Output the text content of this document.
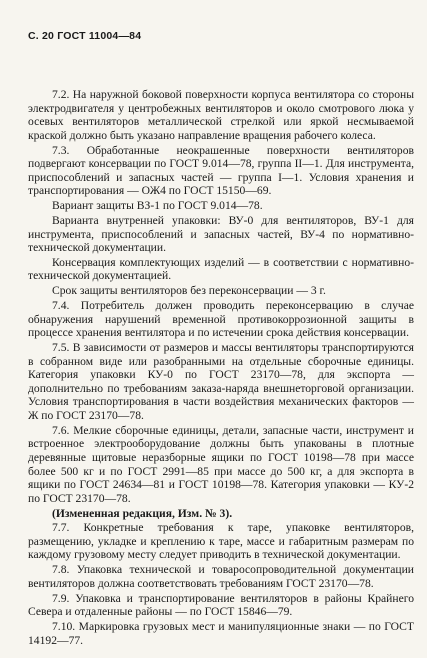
С. 20 ГОСТ 11004—84

7.2. На наружной боковой поверхности корпуса вентилятора со стороны электродвигателя у центробежных вентиляторов и около смотрового люка у осевых вентиляторов металлической стрелкой или яркой несмываемой краской должно быть указано направление вращения рабочего колеса.

7.3. Обработанные неокрашенные поверхности вентиляторов подвергают консервации по ГОСТ 9.014—78, группа II—1. Для инструмента, приспособлений и запасных частей — группа I—1. Условия хранения и транспортирования — ОЖ4 по ГОСТ 15150—69.

Вариант защиты ВЗ-1 по ГОСТ 9.014—78.

Варианта внутренней упаковки: ВУ-0 для вентиляторов, ВУ-1 для инструмента, приспособлений и запасных частей, ВУ-4 по нормативно-технической документации.

Консервация комплектующих изделий — в соответствии с нормативно-технической документацией.

Срок защиты вентиляторов без переконсервации — 3 г.

7.4. Потребитель должен проводить переконсервацию в случае обнаружения нарушений временной противокоррозионной защиты в процессе хранения вентилятора и по истечении срока действия консервации.

7.5. В зависимости от размеров и массы вентиляторы транспортируются в собранном виде или разобранными на отдельные сборочные единицы. Категория упаковки КУ-0 по ГОСТ 23170—78, для экспорта — дополнительно по требованиям заказа-наряда внешнеторговой организации. Условия транспортирования в части воздействия механических факторов — Ж по ГОСТ 23170—78.

7.6. Мелкие сборочные единицы, детали, запасные части, инструмент и встроенное электрооборудование должны быть упакованы в плотные деревянные щитовые неразборные ящики по ГОСТ 10198—78 при массе более 500 кг и по ГОСТ 2991—85 при массе до 500 кг, а для экспорта в ящики по ГОСТ 24634—81 и ГОСТ 10198—78. Категория упаковки — КУ-2 по ГОСТ 23170—78.

(Измененная редакция, Изм. № 3).

7.7. Конкретные требования к таре, упаковке вентиляторов, размещению, укладке и креплению к таре, массе и габаритным размерам по каждому грузовому месту следует приводить в технической документации.

7.8. Упаковка технической и товаросопроводительной документации вентиляторов должна соответствовать требованиям ГОСТ 23170—78.

7.9. Упаковка и транспортирование вентиляторов в районы Крайнего Севера и отдаленные районы — по ГОСТ 15846—79.

7.10. Маркировка грузовых мест и манипуляционные знаки — по ГОСТ 14192—77.
